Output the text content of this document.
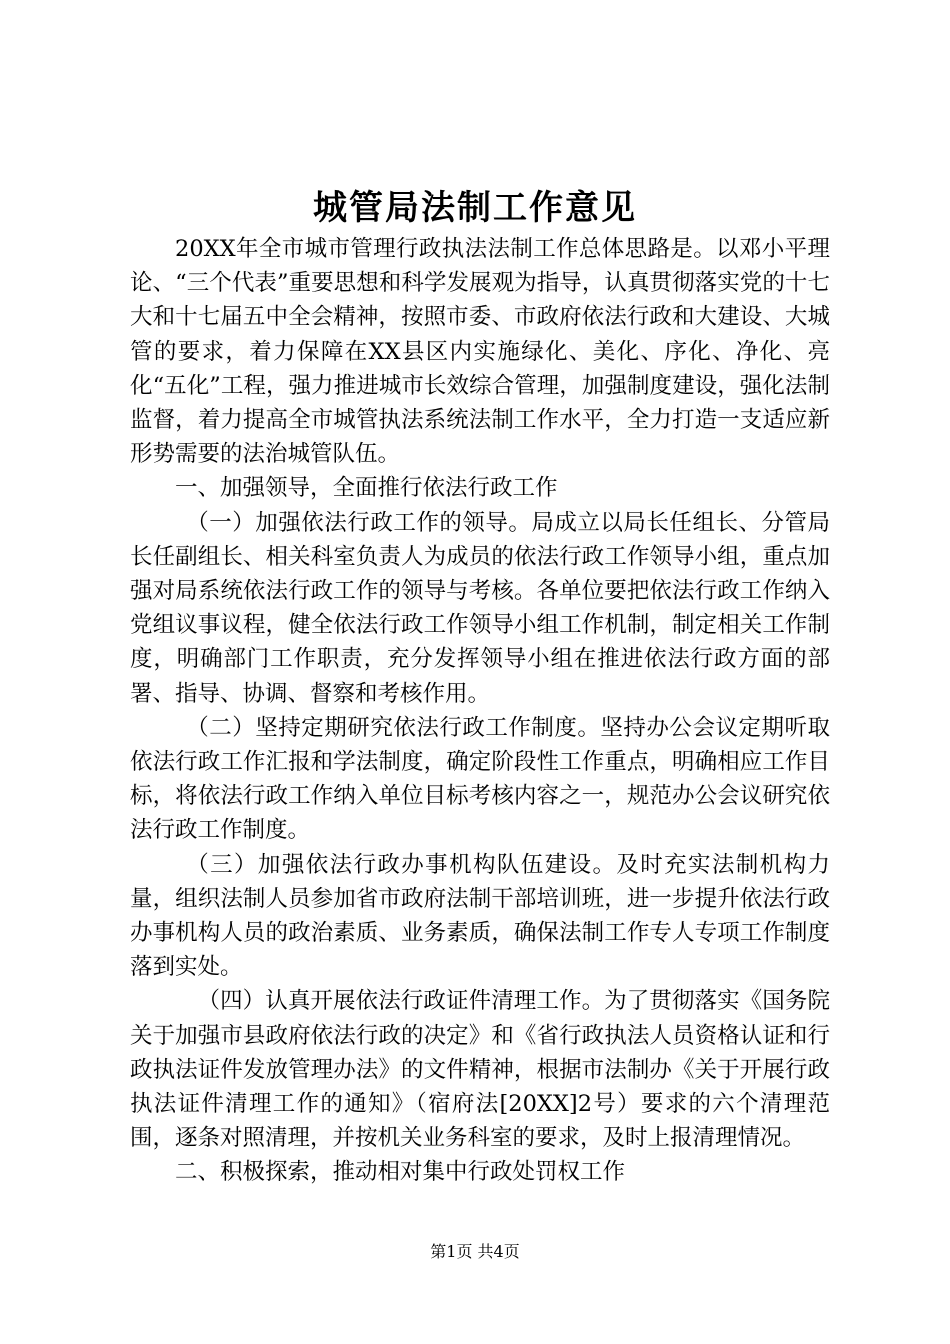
城管局法制工作意见

20XX年全市城市管理行政执法法制工作总体思路是。以邓小平理论、“三个代表”重要思想和科学发展观为指导，认真贯彻落实党的十七大和十七届五中全会精神，按照市委、市政府依法行政和大建设、大城管的要求，着力保障在XX县区内实施绿化、美化、序化、净化、亮化“五化”工程，强力推进城市长效综合管理，加强制度建设，强化法制监督，着力提高全市城管执法系统法制工作水平，全力打造一支适应新形势需要的法治城管队伍。

一、加强领导，全面推行依法行政工作

（一）加强依法行政工作的领导。局成立以局长任组长、分管局长任副组长、相关科室负责人为成员的依法行政工作领导小组，重点加强对局系统依法行政工作的领导与考核。各单位要把依法行政工作纳入党组议事议程，健全依法行政工作领导小组工作机制，制定相关工作制度，明确部门工作职责，充分发挥领导小组在推进依法行政方面的部署、指导、协调、督察和考核作用。

（二）坚持定期研究依法行政工作制度。坚持办公会议定期听取依法行政工作汇报和学法制度，确定阶段性工作重点，明确相应工作目标，将依法行政工作纳入单位目标考核内容之一，规范办公会议研究依法行政工作制度。

（三）加强依法行政办事机构队伍建设。及时充实法制机构力量，组织法制人员参加省市政府法制干部培训班，进一步提升依法行政办事机构人员的政治素质、业务素质，确保法制工作专人专项工作制度落到实处。

（四）认真开展依法行政证件清理工作。为了贯彻落实《国务院关于加强市县政府依法行政的决定》和《省行政执法人员资格认证和行政执法证件发放管理办法》的文件精神，根据市法制办《关于开展行政执法证件清理工作的通知》（宿府法[20XX]2号）要求的六个清理范围，逐条对照清理，并按机关业务科室的要求，及时上报清理情况。

二、积极探索，推动相对集中行政处罚权工作

第1页 共4页
